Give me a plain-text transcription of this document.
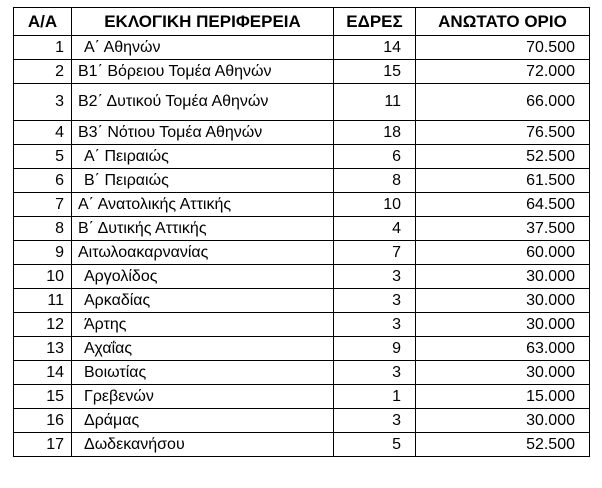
Α/Α	ΕΚΛΟΓΙΚΗ ΠΕΡΙΦΕΡΕΙΑ	ΕΔΡΕΣ	ΑΝΩΤΑΤΟ ΟΡΙΟ
1	Α΄ Αθηνών	14	70.500
2	Β1΄ Βόρειου Τομέα Αθηνών	15	72.000
3	Β2΄ Δυτικού Τομέα Αθηνών	11	66.000
4	Β3΄ Νότιου Τομέα Αθηνών	18	76.500
5	Α΄ Πειραιώς	6	52.500
6	Β΄ Πειραιώς	8	61.500
7	Α΄ Ανατολικής Αττικής	10	64.500
8	Β΄ Δυτικής Αττικής	4	37.500
9	Αιτωλοακαρνανίας	7	60.000
10	Αργολίδος	3	30.000
11	Αρκαδίας	3	30.000
12	Άρτης	3	30.000
13	Αχαΐας	9	63.000
14	Βοιωτίας	3	30.000
15	Γρεβενών	1	15.000
16	Δράμας	3	30.000
17	Δωδεκανήσου	5	52.500
